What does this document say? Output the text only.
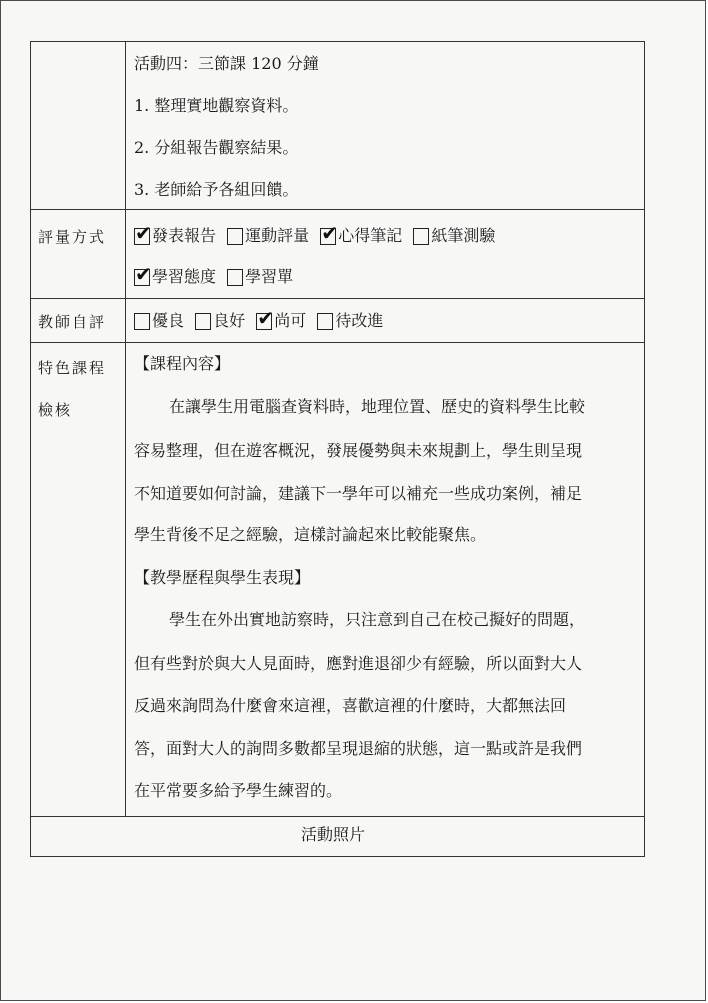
活動四：三節課 120 分鐘
1. 整理實地觀察資料。
2. 分組報告觀察結果。
3. 老師給予各組回饋。
評量方式 ✔ 發表報告
運動評量
✔ 心得筆記
紙筆測驗
✔ 學習態度
學習單
教師自評	優良
良好
✔ 尚可
待改進
特色課程
檢核
【課程內容】
在讓學生用電腦查資料時，地理位置、歷史的資料學生比較
容易整理，但在遊客概況，發展優勢與未來規劃上，學生則呈現
不知道要如何討論，建議下一學年可以補充一些成功案例，補足
學生背後不足之經驗，這樣討論起來比較能聚焦。
【教學歷程與學生表現】
學生在外出實地訪察時，只注意到自己在校己擬好的問題，
但有些對於與大人見面時，應對進退卻少有經驗，所以面對大人
反過來詢問為什麼會來這裡，喜歡這裡的什麼時，大都無法回
答，面對大人的詢問多數都呈現退縮的狀態，這一點或許是我們
在平常要多給予學生練習的。
活動照片
